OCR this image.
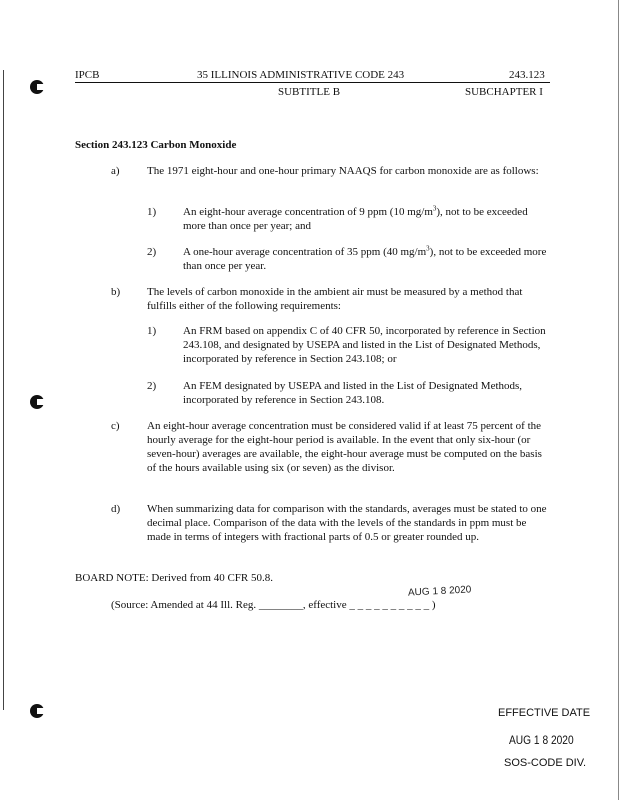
IPCB	35 ILLINOIS ADMINISTRATIVE CODE 243	243.123
SUBTITLE B	SUBCHAPTER I
Section 243.123 Carbon Monoxide
a) The 1971 eight-hour and one-hour primary NAAQS for carbon monoxide are as follows:
1) An eight-hour average concentration of 9 ppm (10 $mg/m^3$), not to be exceeded more than once per year; and
2) A one-hour average concentration of 35 ppm (40 $mg/m^3$), not to be exceeded more than once per year.
b) The levels of carbon monoxide in the ambient air must be measured by a method that fulfills either of the following requirements:
1) An FRM based on appendix C of 40 CFR 50, incorporated by reference in Section 243.108, and designated by USEPA and listed in the List of Designated Methods, incorporated by reference in Section 243.108; or
2) An FEM designated by USEPA and listed in the List of Designated Methods, incorporated by reference in Section 243.108.
c) An eight-hour average concentration must be considered valid if at least 75 percent of the hourly average for the eight-hour period is available. In the event that only six-hour (or seven-hour) averages are available, the eight-hour average must be computed on the basis of the hours available using six (or seven) as the divisor.
d) When summarizing data for comparison with the standards, averages must be stated to one decimal place. Comparison of the data with the levels of the standards in ppm must be made in terms of integers with fractional parts of 0.5 or greater rounded up.
BOARD NOTE: Derived from 40 CFR 50.8.
AUG 1 8 2020
(Source: Amended at 44 Ill. Reg. ________, effective _ _ _ _ _ _ _ _ _ _ )
EFFECTIVE DATE
AUG 1 8 2020
SOS-CODE DIV.
